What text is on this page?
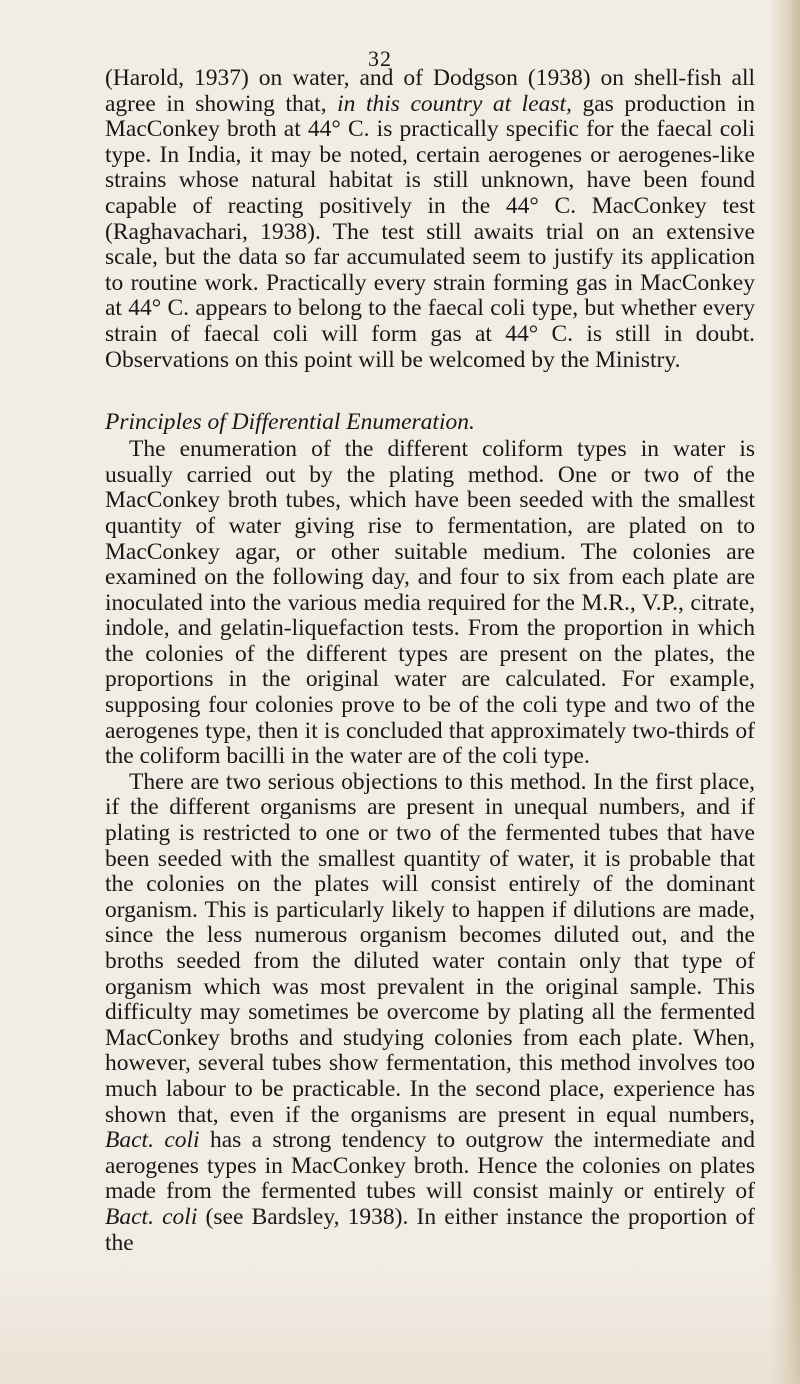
32

(Harold, 1937) on water, and of Dodgson (1938) on shell-fish all agree in showing that, in this country at least, gas production in MacConkey broth at 44° C. is practically specific for the faecal coli type. In India, it may be noted, certain aerogenes or aerogenes-like strains whose natural habitat is still unknown, have been found capable of reacting positively in the 44° C. MacConkey test (Raghavachari, 1938). The test still awaits trial on an extensive scale, but the data so far accumulated seem to justify its application to routine work. Practically every strain forming gas in MacConkey at 44° C. appears to belong to the faecal coli type, but whether every strain of faecal coli will form gas at 44° C. is still in doubt. Observations on this point will be welcomed by the Ministry.

Principles of Differential Enumeration.

The enumeration of the different coliform types in water is usually carried out by the plating method. One or two of the MacConkey broth tubes, which have been seeded with the smallest quantity of water giving rise to fermentation, are plated on to MacConkey agar, or other suitable medium. The colonies are examined on the following day, and four to six from each plate are inoculated into the various media required for the M.R., V.P., citrate, indole, and gelatin-liquefaction tests. From the proportion in which the colonies of the different types are present on the plates, the proportions in the original water are calculated. For example, supposing four colonies prove to be of the coli type and two of the aerogenes type, then it is concluded that approximately two-thirds of the coliform bacilli in the water are of the coli type.

There are two serious objections to this method. In the first place, if the different organisms are present in unequal numbers, and if plating is restricted to one or two of the fermented tubes that have been seeded with the smallest quantity of water, it is probable that the colonies on the plates will consist entirely of the dominant organism. This is particularly likely to happen if dilutions are made, since the less numerous organism becomes diluted out, and the broths seeded from the diluted water contain only that type of organism which was most prevalent in the original sample. This difficulty may sometimes be overcome by plating all the fermented MacConkey broths and studying colonies from each plate. When, however, several tubes show fermentation, this method involves too much labour to be practicable. In the second place, experience has shown that, even if the organisms are present in equal numbers, Bact. coli has a strong tendency to outgrow the intermediate and aerogenes types in MacConkey broth. Hence the colonies on plates made from the fermented tubes will consist mainly or entirely of Bact. coli (see Bardsley, 1938). In either instance the proportion of the
